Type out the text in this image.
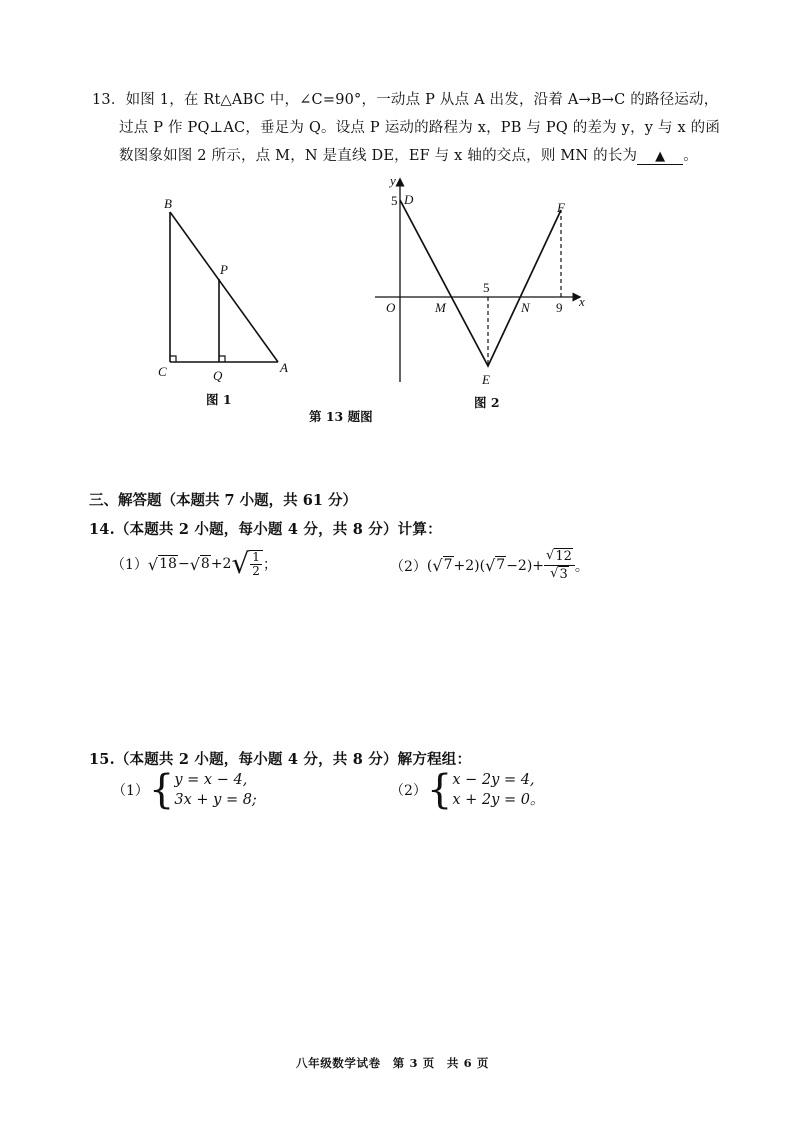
13．如图 1，在 Rt△ABC 中，∠C=90°，一动点 P 从点 A 出发，沿着 A→B→C 的路径运动，
过点 P 作 PQ⊥AC，垂足为 Q。设点 P 运动的路程为 x，PB 与 PQ 的差为 y，y 与 x 的函
数图象如图 2 所示，点 M，N 是直线 DE，EF 与 x 轴的交点，则 MN 的长为 ▲ 。
B
P
C	Q
A
图 1
y
x
O
5 D
M
5
N 9
E
F
图 2
第 13 题图
三、解答题（本题共 7 小题，共 61 分）
14.（本题共 2 小题，每小题 4 分，共 8 分）计算：
（1） √ 18 − √ 8 +2 √ $\frac{1}{2}$ ；	（2） ( √ 7 +2)( √ $7 -2)+ \frac{√ 12}{√ 3}$ 。
15.（本题共 2 小题，每小题 4 分，共 8 分）解方程组：
（1） { y = x − 4,
3x + y = 8;
（2） { x − 2y = 4,
x + 2y = 0。
八年级数学试卷　第 3 页　共 6 页
